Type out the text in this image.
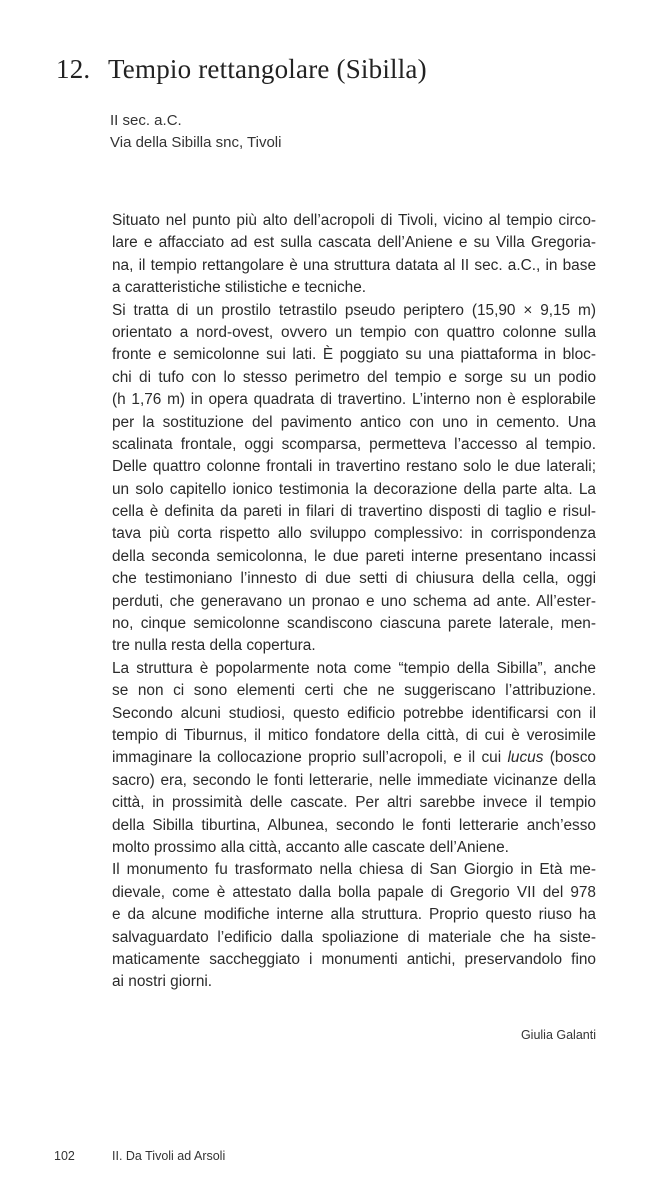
12. Tempio rettangolare (Sibilla)
II sec. a.C.
Via della Sibilla snc, Tivoli
Situato nel punto più alto dell’acropoli di Tivoli, vicino al tempio circo-
lare e affacciato ad est sulla cascata dell’Aniene e su Villa Gregoria-
na, il tempio rettangolare è una struttura datata al II sec. a.C., in base
a caratteristiche stilistiche e tecniche.
Si tratta di un prostilo tetrastilo pseudo periptero (15,90 × 9,15 m)
orientato a nord-ovest, ovvero un tempio con quattro colonne sulla
fronte e semicolonne sui lati. È poggiato su una piattaforma in bloc-
chi di tufo con lo stesso perimetro del tempio e sorge su un podio
(h 1,76 m) in opera quadrata di travertino. L’interno non è esplorabile
per la sostituzione del pavimento antico con uno in cemento. Una
scalinata frontale, oggi scomparsa, permetteva l’accesso al tempio.
Delle quattro colonne frontali in travertino restano solo le due laterali;
un solo capitello ionico testimonia la decorazione della parte alta. La
cella è definita da pareti in filari di travertino disposti di taglio e risul-
tava più corta rispetto allo sviluppo complessivo: in corrispondenza
della seconda semicolonna, le due pareti interne presentano incassi
che testimoniano l’innesto di due setti di chiusura della cella, oggi
perduti, che generavano un pronao e uno schema ad ante. All’ester-
no, cinque semicolonne scandiscono ciascuna parete laterale, men-
tre nulla resta della copertura.
La struttura è popolarmente nota come “tempio della Sibilla”, anche
se non ci sono elementi certi che ne suggeriscano l’attribuzione.
Secondo alcuni studiosi, questo edificio potrebbe identificarsi con il
tempio di Tiburnus, il mitico fondatore della città, di cui è verosimile
immaginare la collocazione proprio sull’acropoli, e il cui lucus (bosco
sacro) era, secondo le fonti letterarie, nelle immediate vicinanze della
città, in prossimità delle cascate. Per altri sarebbe invece il tempio
della Sibilla tiburtina, Albunea, secondo le fonti letterarie anch’esso
molto prossimo alla città, accanto alle cascate dell’Aniene.
Il monumento fu trasformato nella chiesa di San Giorgio in Età me-
dievale, come è attestato dalla bolla papale di Gregorio VII del 978
e da alcune modifiche interne alla struttura. Proprio questo riuso ha
salvaguardato l’edificio dalla spoliazione di materiale che ha siste-
maticamente saccheggiato i monumenti antichi, preservandolo fino
ai nostri giorni.
Giulia Galanti
102	II. Da Tivoli ad Arsoli
